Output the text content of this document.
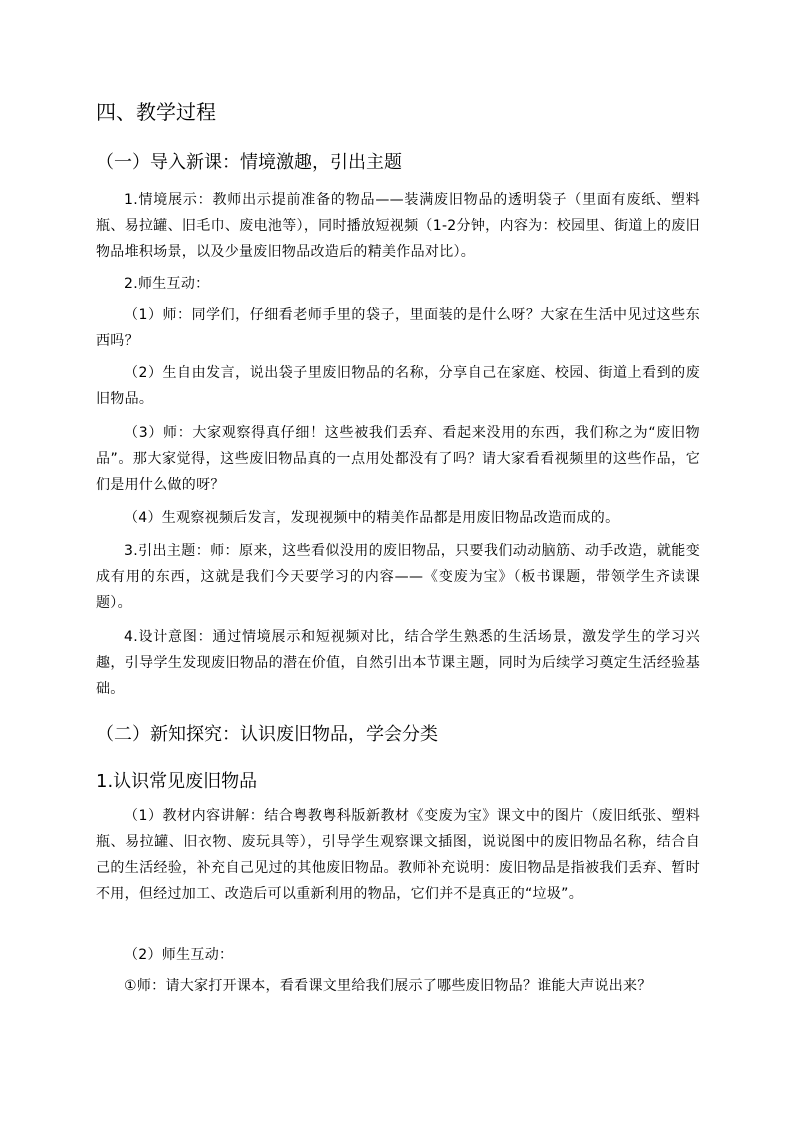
四、教学过程
（一）导入新课：情境激趣，引出主题

1.情境展示：教师出示提前准备的物品——装满废旧物品的透明袋子（里面有废纸、塑料瓶、易拉罐、旧毛巾、废电池等），同时播放短视频（1-2分钟，内容为：校园里、街道上的废旧物品堆积场景，以及少量废旧物品改造后的精美作品对比）。

2.师生互动：

（1）师：同学们，仔细看老师手里的袋子，里面装的是什么呀？大家在生活中见过这些东西吗？

（2）生自由发言，说出袋子里废旧物品的名称，分享自己在家庭、校园、街道上看到的废旧物品。

（3）师：大家观察得真仔细！这些被我们丢弃、看起来没用的东西，我们称之为“废旧物品”。那大家觉得，这些废旧物品真的一点用处都没有了吗？请大家看看视频里的这些作品，它们是用什么做的呀？

（4）生观察视频后发言，发现视频中的精美作品都是用废旧物品改造而成的。

3.引出主题：师：原来，这些看似没用的废旧物品，只要我们动动脑筋、动手改造，就能变成有用的东西，这就是我们今天要学习的内容——《变废为宝》（板书课题，带领学生齐读课题）。

4.设计意图：通过情境展示和短视频对比，结合学生熟悉的生活场景，激发学生的学习兴趣，引导学生发现废旧物品的潜在价值，自然引出本节课主题，同时为后续学习奠定生活经验基础。

（二）新知探究：认识废旧物品，学会分类
1.认识常见废旧物品

（1）教材内容讲解：结合粤教粤科版新教材《变废为宝》课文中的图片（废旧纸张、塑料瓶、易拉罐、旧衣物、废玩具等），引导学生观察课文插图，说说图中的废旧物品名称，结合自己的生活经验，补充自己见过的其他废旧物品。教师补充说明：废旧物品是指被我们丢弃、暂时不用，但经过加工、改造后可以重新利用的物品，它们并不是真正的“垃圾”。

（2）师生互动：

①师：请大家打开课本，看看课文里给我们展示了哪些废旧物品？谁能大声说出来？
